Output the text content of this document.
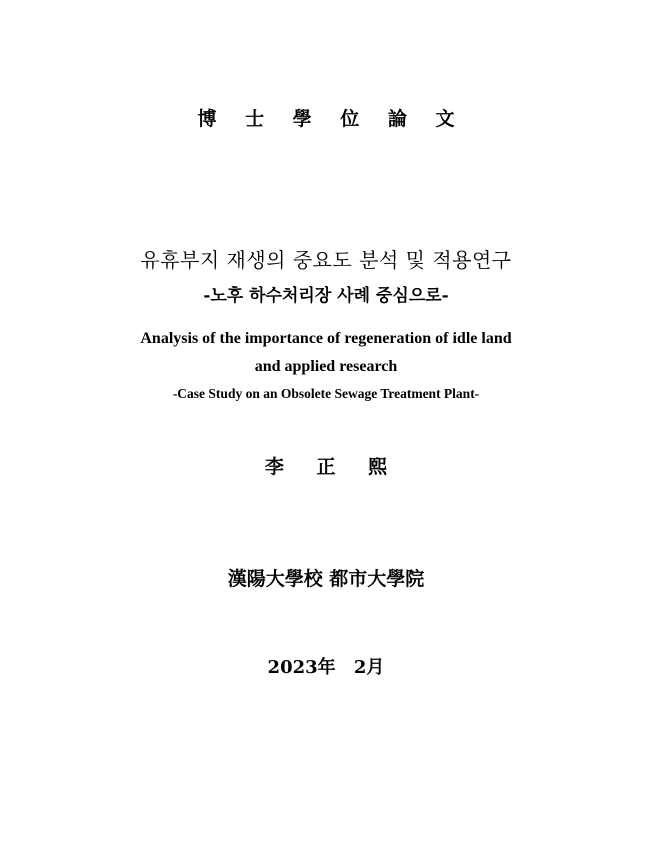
博 士 學 位 論 文
유휴부지 재생의 중요도 분석 및 적용연구
-노후 하수처리장 사례 중심으로-
Analysis of the importance of regeneration of idle land
and applied research
-Case Study on an Obsolete Sewage Treatment Plant-
李 正 熙
漢陽大學校 都市大學院
2023年 2月
